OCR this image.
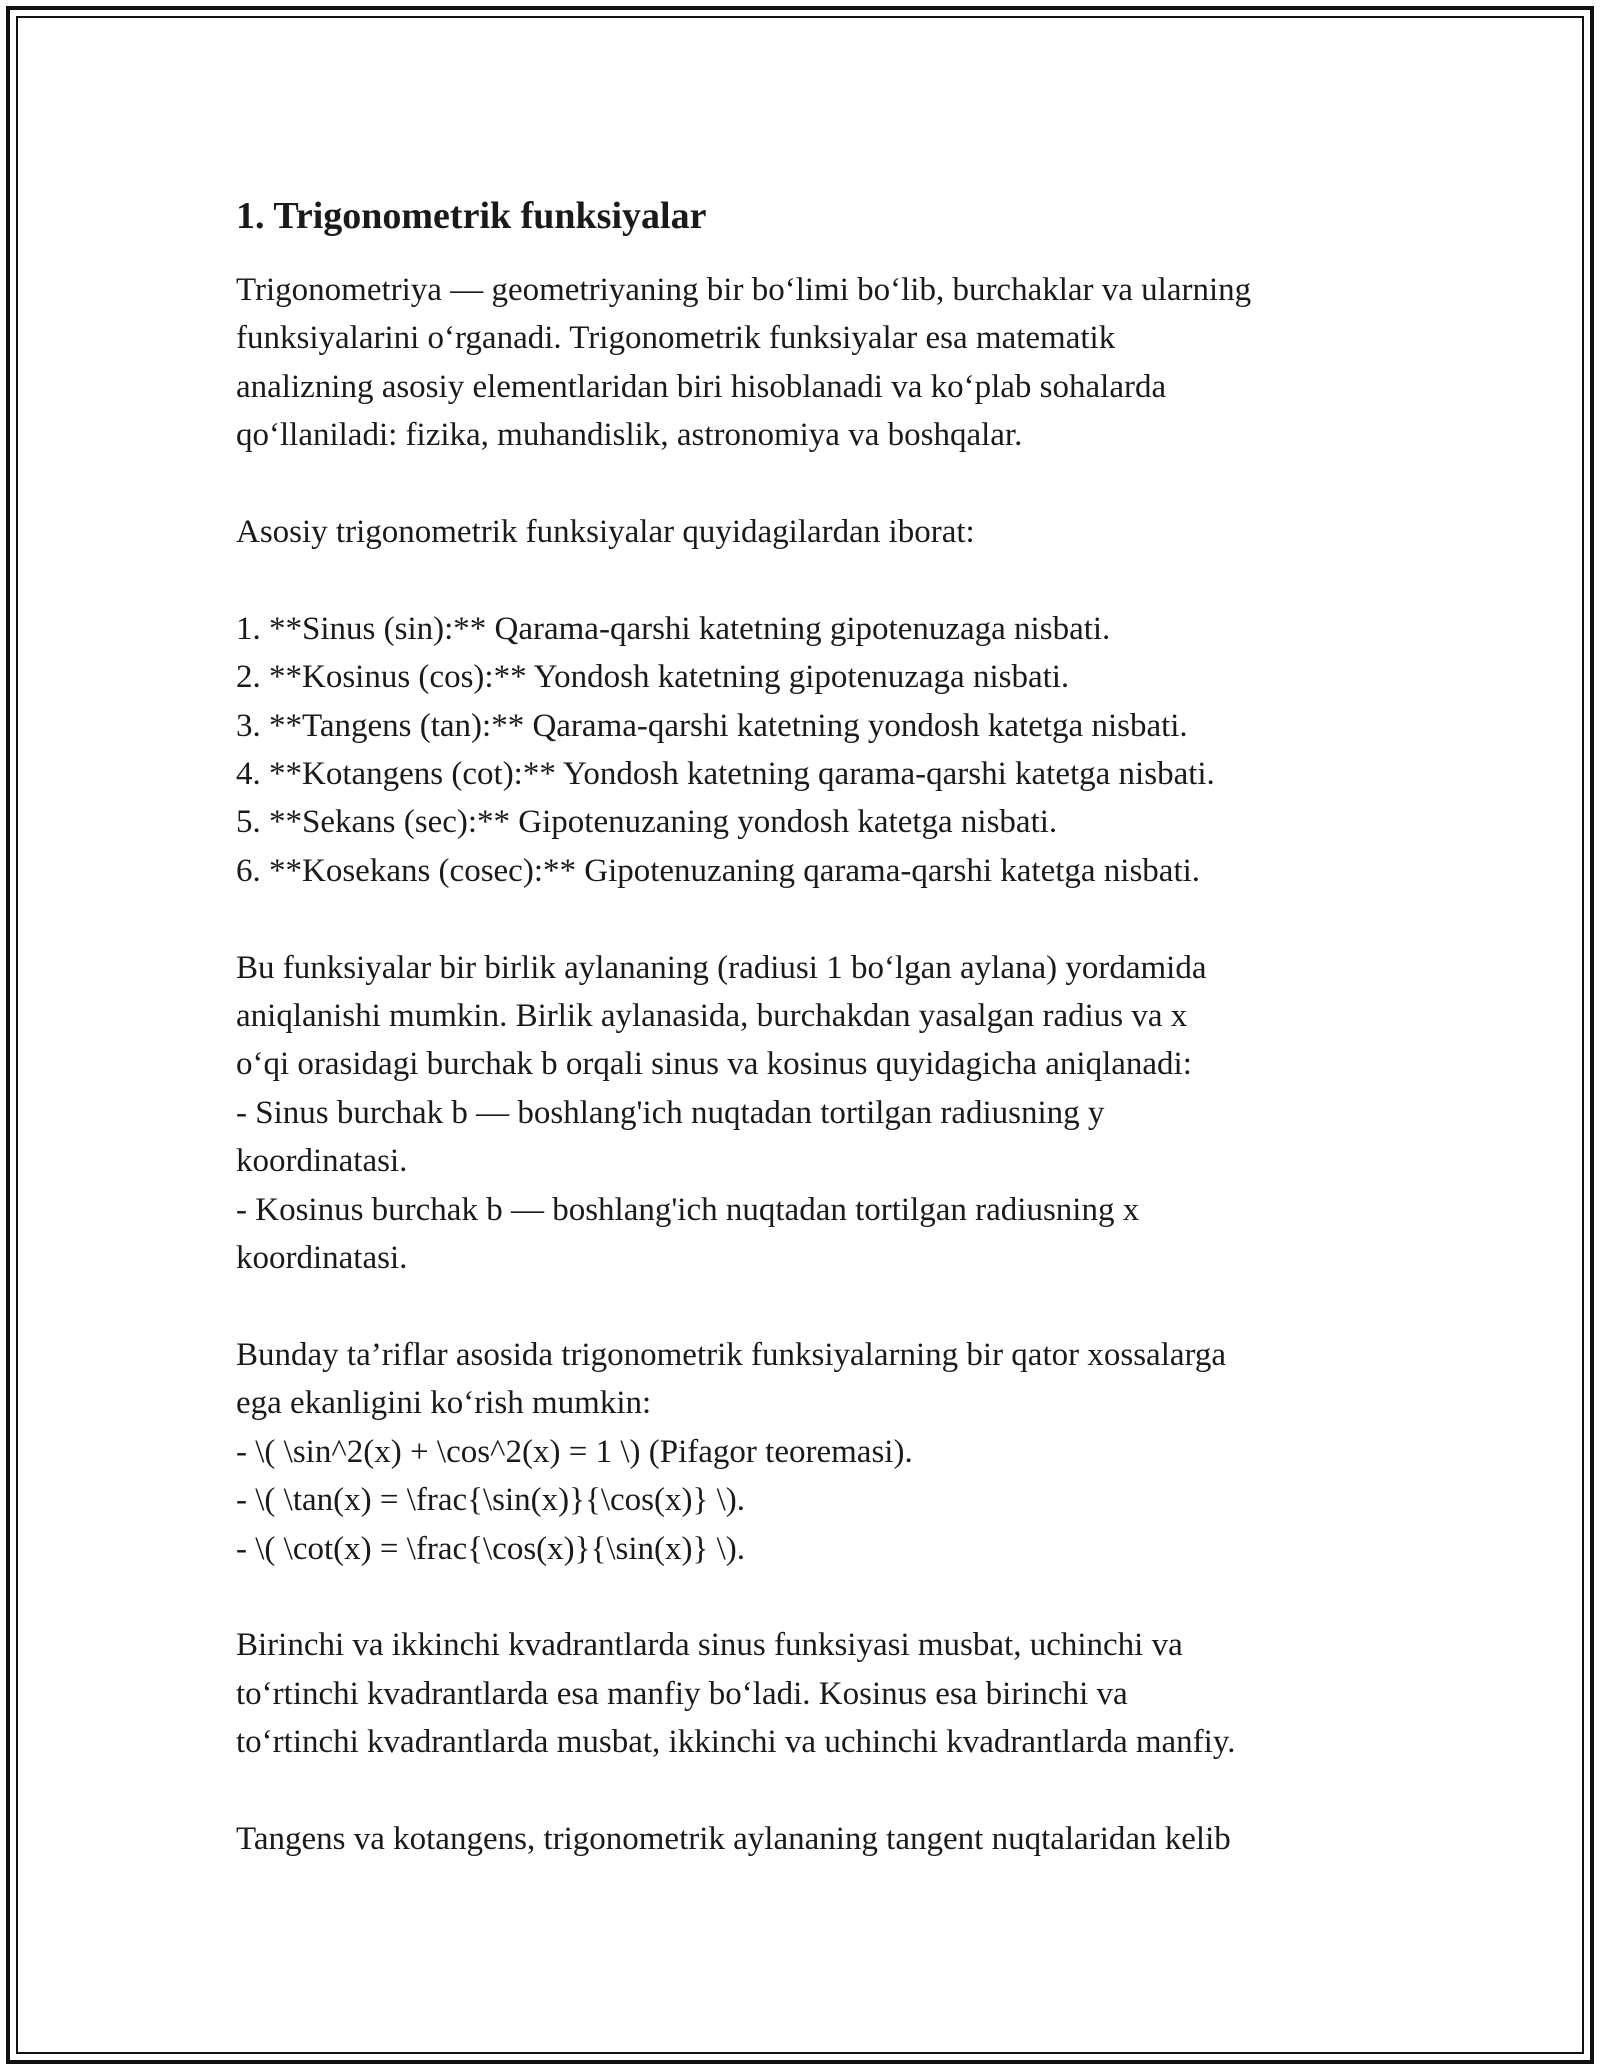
1. Trigonometrik funksiyalar

Trigonometriya — geometriyaning bir bo‘limi bo‘lib, burchaklar va ularning
funksiyalarini o‘rganadi. Trigonometrik funksiyalar esa matematik
analizning asosiy elementlaridan biri hisoblanadi va ko‘plab sohalarda
qo‘llaniladi: fizika, muhandislik, astronomiya va boshqalar.

Asosiy trigonometrik funksiyalar quyidagilardan iborat:

1. **Sinus (sin):** Qarama-qarshi katetning gipotenuzaga nisbati.
2. **Kosinus (cos):** Yondosh katetning gipotenuzaga nisbati.
3. **Tangens (tan):** Qarama-qarshi katetning yondosh katetga nisbati.
4. **Kotangens (cot):** Yondosh katetning qarama-qarshi katetga nisbati.
5. **Sekans (sec):** Gipotenuzaning yondosh katetga nisbati.
6. **Kosekans (cosec):** Gipotenuzaning qarama-qarshi katetga nisbati.

Bu funksiyalar bir birlik aylananing (radiusi 1 bo‘lgan aylana) yordamida
aniqlanishi mumkin. Birlik aylanasida, burchakdan yasalgan radius va x
o‘qi orasidagi burchak b orqali sinus va kosinus quyidagicha aniqlanadi:
- Sinus burchak b — boshlang'ich nuqtadan tortilgan radiusning y
koordinatasi.
- Kosinus burchak b — boshlang'ich nuqtadan tortilgan radiusning x
koordinatasi.

Bunday ta’riflar asosida trigonometrik funksiyalarning bir qator xossalarga
ega ekanligini ko‘rish mumkin:
- \( \sin^2(x) + \cos^2(x) = 1 \) (Pifagor teoremasi).
- \( \tan(x) = \frac{\sin(x)}{\cos(x)} \).
- \( \cot(x) = \frac{\cos(x)}{\sin(x)} \).

Birinchi va ikkinchi kvadrantlarda sinus funksiyasi musbat, uchinchi va
to‘rtinchi kvadrantlarda esa manfiy bo‘ladi. Kosinus esa birinchi va
to‘rtinchi kvadrantlarda musbat, ikkinchi va uchinchi kvadrantlarda manfiy.

Tangens va kotangens, trigonometrik aylananing tangent nuqtalaridan kelib
